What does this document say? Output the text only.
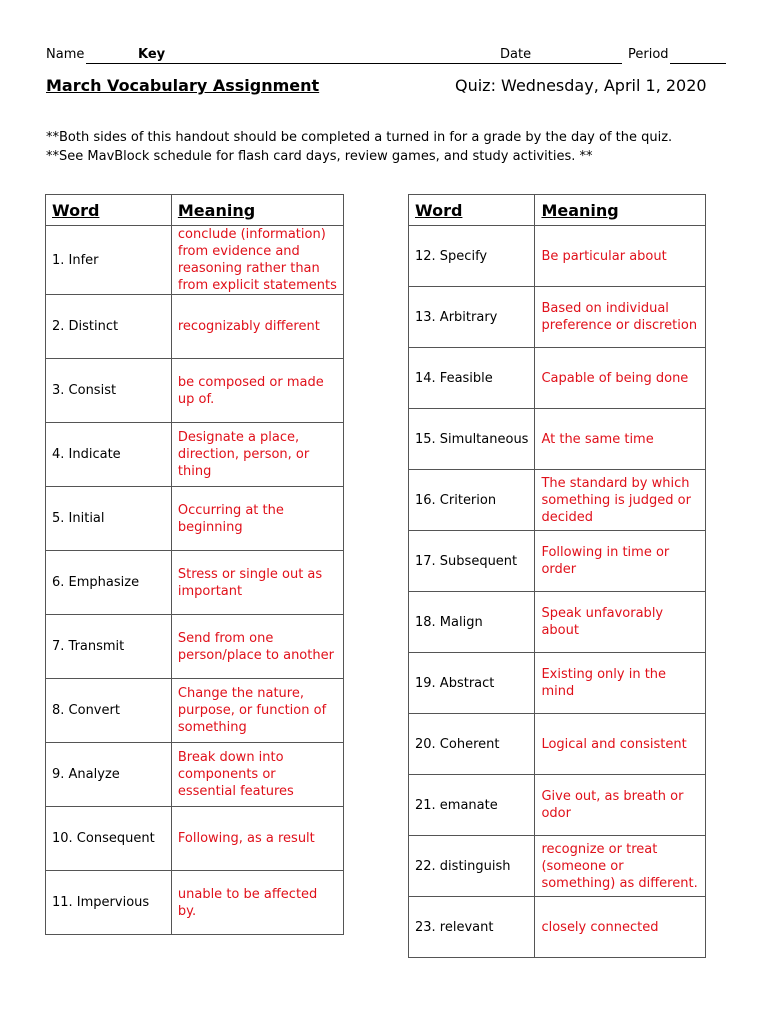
Name	Key	Date	Period
March Vocabulary Assignment	Quiz: Wednesday, April 1, 2020
**Both sides of this handout should be completed a turned in for a grade by the day of the quiz.
**See MavBlock schedule for flash card days, review games, and study activities. **
Word	Meaning
1. Infer	conclude (information) from evidence and reasoning rather than from explicit statements
2. Distinct	recognizably different
3. Consist	be composed or made up of.
4. Indicate	Designate a place, direction, person, or thing
5. Initial	Occurring at the beginning
6. Emphasize	Stress or single out as important
7. Transmit	Send from one person/place to another
8. Convert	Change the nature, purpose, or function of something
9. Analyze	Break down into components or essential features
10. Consequent	Following, as a result
11. Impervious	unable to be affected by.
Word	Meaning
12. Specify	Be particular about
13. Arbitrary	Based on individual preference or discretion
14. Feasible	Capable of being done
15. Simultaneous	At the same time
16. Criterion	The standard by which something is judged or decided
17. Subsequent	Following in time or order
18. Malign	Speak unfavorably about
19. Abstract	Existing only in the mind
20. Coherent	Logical and consistent
21. emanate	Give out, as breath or odor
22. distinguish	recognize or treat (someone or something) as different.
23. relevant	closely connected
